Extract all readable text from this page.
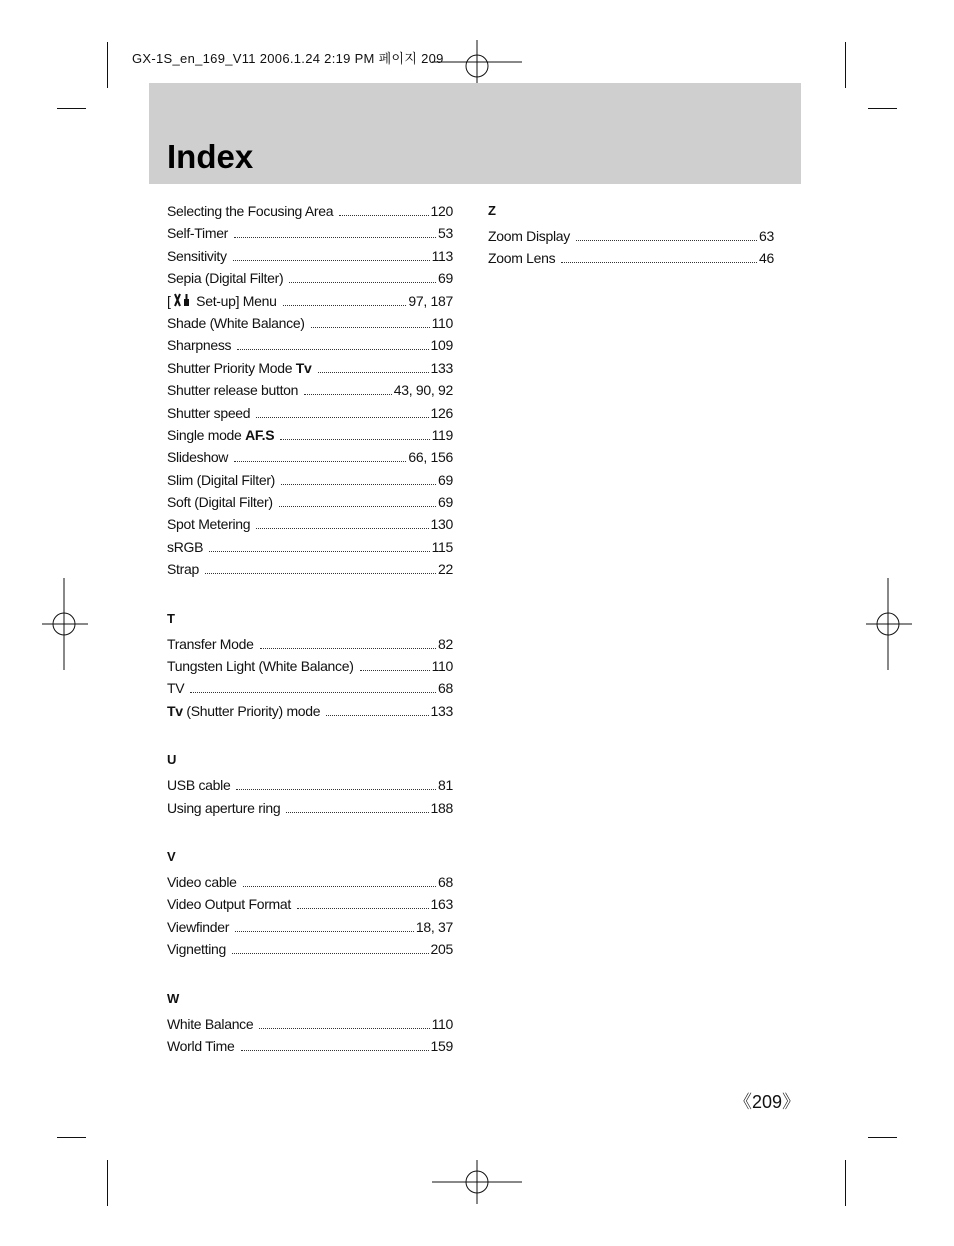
GX-1S_en_169_V11 2006.1.24 2:19 PM 페이지 209
Index
Selecting the Focusing Area	120
Self-Timer	53
Sensitivity	113
Sepia (Digital Filter)	69
[ Set-up] Menu	97, 187
Shade (White Balance)	110
Sharpness	109
Shutter Priority Mode Tv	133
Shutter release button	43, 90, 92
Shutter speed	126
Single mode AF.S	119
Slideshow	66, 156
Slim (Digital Filter)	69
Soft (Digital Filter)	69
Spot Metering	130
sRGB	115
Strap	22
T
Transfer Mode	82
Tungsten Light (White Balance)	110
TV	68
Tv (Shutter Priority) mode	133
U
USB cable	81
Using aperture ring	188
V
Video cable	68
Video Output Format	163
Viewfinder	18, 37
Vignetting	205
W
White Balance	110
World Time	159
Z
Zoom Display	63
Zoom Lens	46
《209》
